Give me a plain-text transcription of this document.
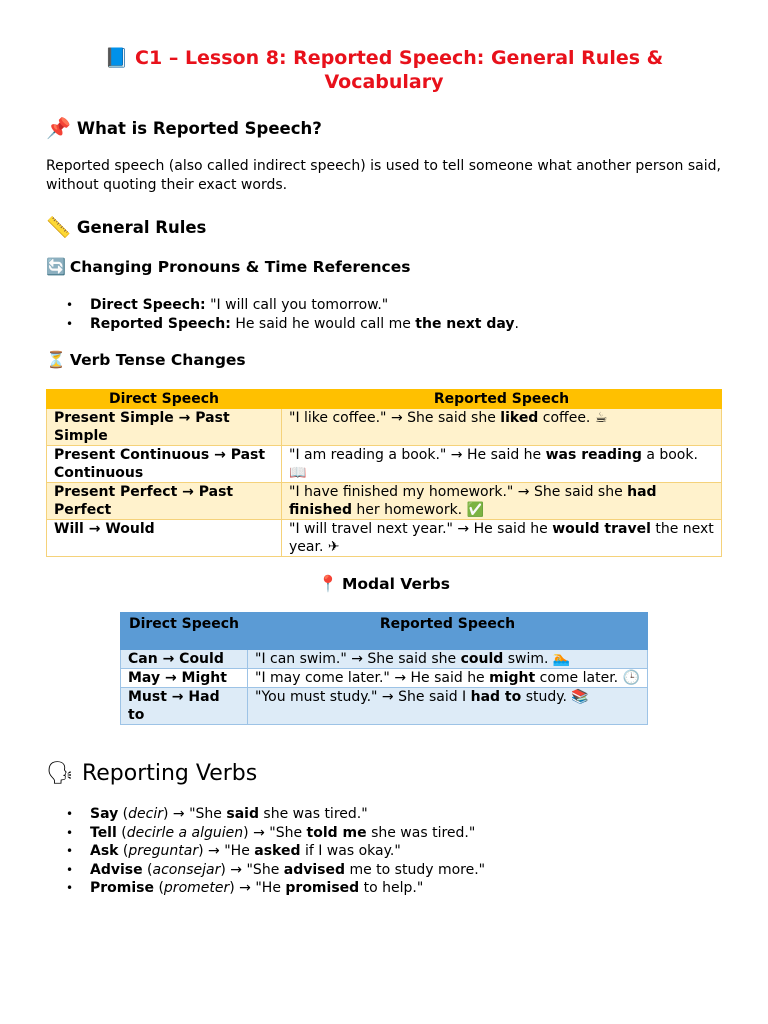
📘 C1 – Lesson 8: Reported Speech: General Rules &
Vocabulary
📌 What is Reported Speech?
Reported speech (also called indirect speech) is used to tell someone what another person said, without quoting their exact words.
📏 General Rules
🔄 Changing Pronouns & Time References
• Direct Speech: "I will call you tomorrow."
• Reported Speech: He said he would call me the next day.
⏳ Verb Tense Changes
Direct Speech	Reported Speech
Present Simple → Past Simple	"I like coffee." → She said she liked coffee. ☕
Present Continuous → Past Continuous	"I am reading a book." → He said he was reading a book. 📖
Present Perfect → Past Perfect	"I have finished my homework." → She said she had finished her homework. ✅
Will → Would	"I will travel next year." → He said he would travel the next year. ✈
📍 Modal Verbs
Direct Speech	Reported Speech
Can → Could	"I can swim." → She said she could swim. 🏊
May → Might	"I may come later." → He said he might come later. 🕒
Must → Had to	"You must study." → She said I had to study. 📚
🗣 Reporting Verbs
• Say (decir) → "She said she was tired."
• Tell (decirle a alguien) → "She told me she was tired."
• Ask (preguntar) → "He asked if I was okay."
• Advise (aconsejar) → "She advised me to study more."
• Promise (prometer) → "He promised to help."
